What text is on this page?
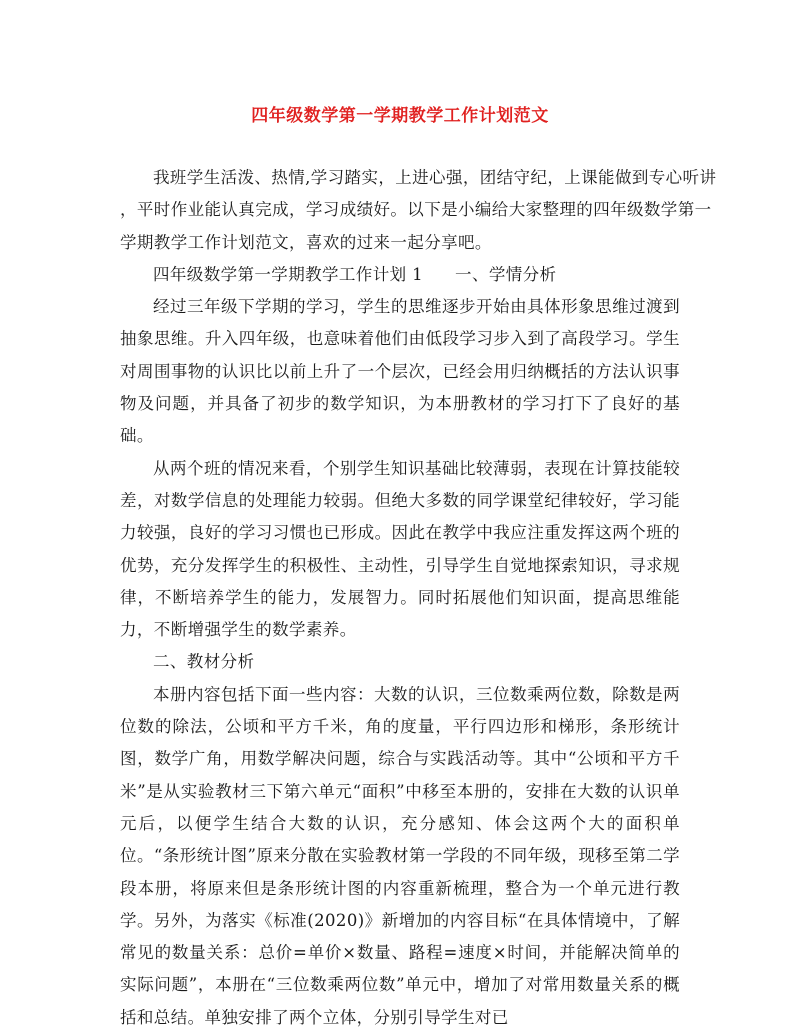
四年级数学第一学期教学工作计划范文
我班学生活泼、热情,学习踏实，上进心强，团结守纪，上课能做到专心听讲
，平时作业能认真完成，学习成绩好。以下是小编给大家整理的四年级数学第一
学期教学工作计划范文，喜欢的过来一起分享吧。
四年级数学第一学期教学工作计划 1 一、学情分析

经过三年级下学期的学习，学生的思维逐步开始由具体形象思维过渡到抽象思维。升入四年级，也意味着他们由低段学习步入到了高段学习。学生对周围事物的认识比以前上升了一个层次，已经会用归纳概括的方法认识事物及问题，并具备了初步的数学知识，为本册教材的学习打下了良好的基础。

从两个班的情况来看，个别学生知识基础比较薄弱，表现在计算技能较差，对数学信息的处理能力较弱。但绝大多数的同学课堂纪律较好，学习能力较强，良好的学习习惯也已形成。因此在教学中我应注重发挥这两个班的优势，充分发挥学生的积极性、主动性，引导学生自觉地探索知识，寻求规律，不断培养学生的能力，发展智力。同时拓展他们知识面，提高思维能力，不断增强学生的数学素养。

二、教材分析

本册内容包括下面一些内容：大数的认识，三位数乘两位数，除数是两位数的除法，公顷和平方千米，角的度量，平行四边形和梯形，条形统计图，数学广角，用数学解决问题，综合与实践活动等。其中“公顷和平方千米”是从实验教材三下第六单元“面积”中移至本册的，安排在大数的认识单元后，以便学生结合大数的认识，充分感知、体会这两个大的面积单位。“条形统计图”原来分散在实验教材第一学段的不同年级，现移至第二学段本册，将原来但是条形统计图的内容重新梳理，整合为一个单元进行教学。另外，为落实《标准(2020)》新增加的内容目标“在具体情境中，了解常见的数量关系：总价=单价×数量、路程=速度×时间，并能解决简单的实际问题”，本册在“三位数乘两位数”单元中，增加了对常用数量关系的概括和总结。单独安排了两个立体，分别引导学生对已
